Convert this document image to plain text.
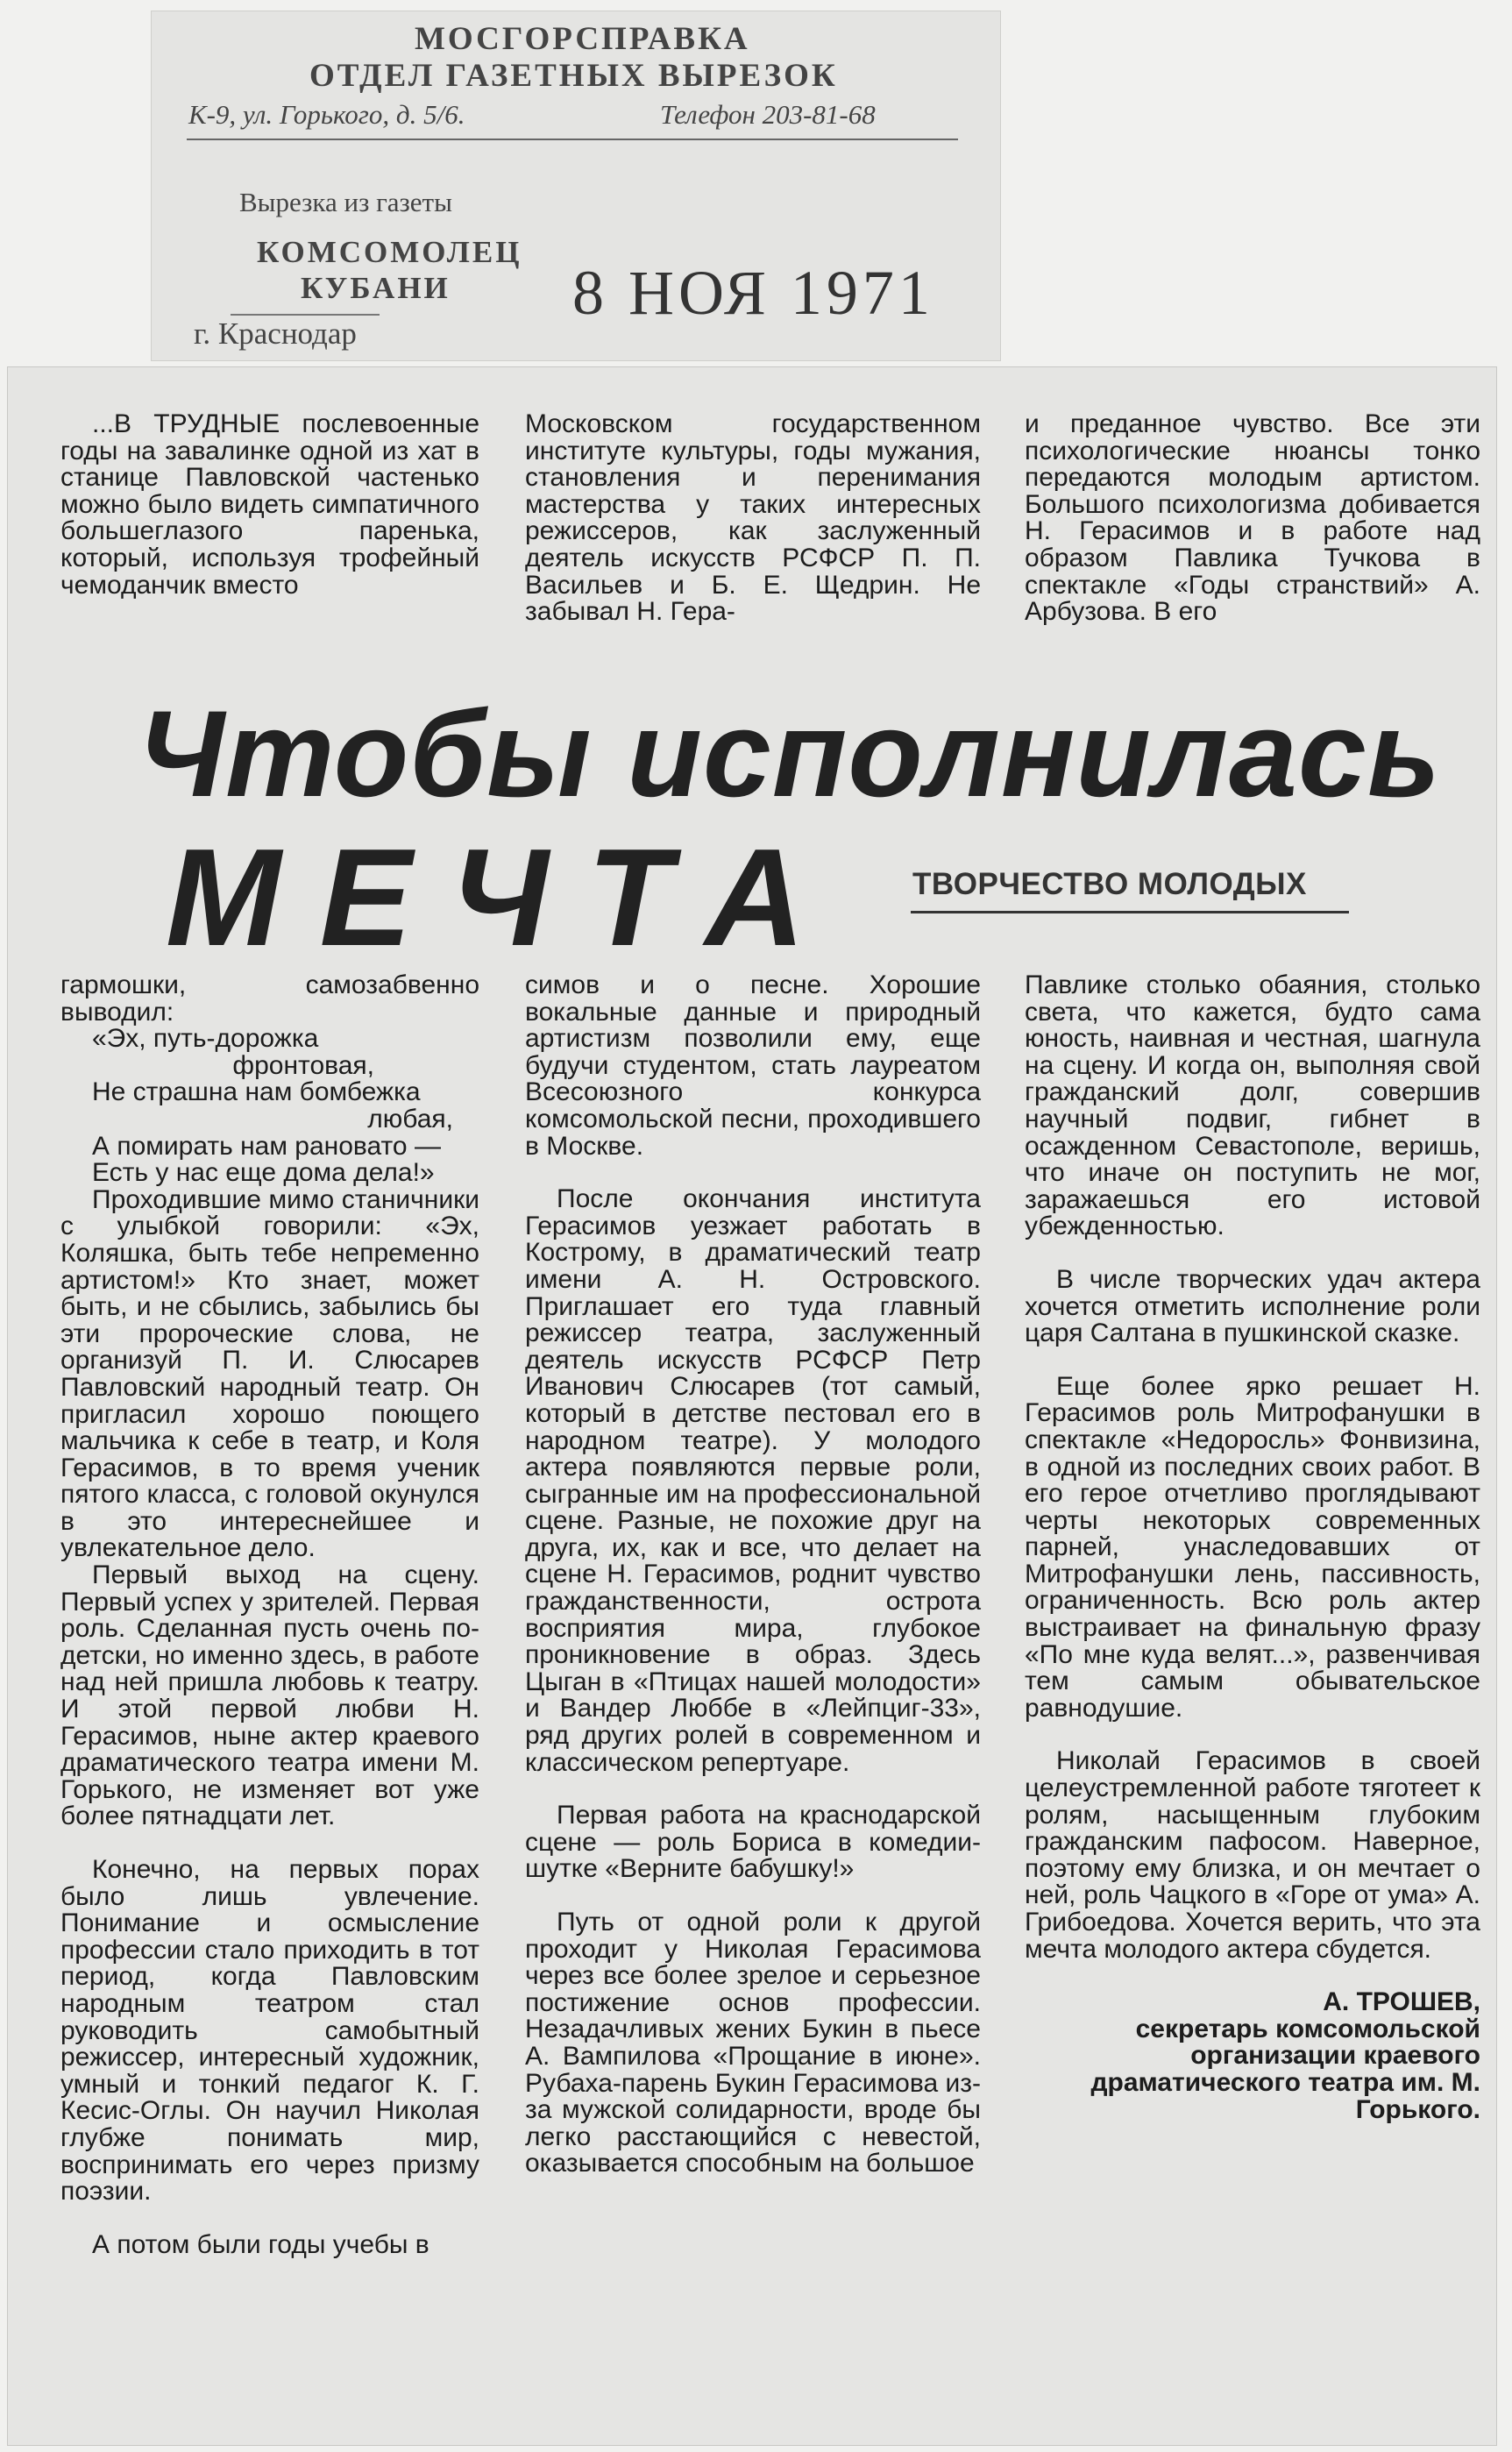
МОСГОРСПРАВКА
ОТДЕЛ ГАЗЕТНЫХ ВЫРЕЗОК
К-9, ул. Горького, д. 5/6.	Телефон 203-81-68
Вырезка из газеты
КОМСОМОЛЕЦ
КУБАНИ
г. Краснодар
8 НОЯ 1971

...В ТРУДНЫЕ послевоенные годы на завалинке одной из хат в станице Павловской частенько можно было видеть симпатичного большеглазого паренька, который, используя трофейный чемоданчик вместо

Московском государственном институте культуры, годы мужания, становления и перенимания мастерства у таких интересных режиссеров, как заслуженный деятель искусств РСФСР П. П. Васильев и Б. Е. Щедрин. Не забывал Н. Гера-

и преданное чувство. Все эти психологические нюансы тонко передаются молодым артистом. Большого психологизма добивается Н. Герасимов и в работе над образом Павлика Тучкова в спектакле «Годы странствий» А. Арбузова. В его

Чтобы исполнилась
МЕЧТА ТВОРЧЕСТВО МОЛОДЫХ

гармошки, самозабвенно выводил:

«Эх, путь-дорожка

фронтовая,

Не страшна нам бомбежка

любая,

А помирать нам рановато —

Есть у нас еще дома дела!»

Проходившие мимо станичники с улыбкой говорили: «Эх, Коляшка, быть тебе непременно артистом!» Кто знает, может быть, и не сбылись, забылись бы эти пророческие слова, не организуй П. И. Слюсарев Павловский народный театр. Он пригласил хорошо поющего мальчика к себе в театр, и Коля Герасимов, в то время ученик пятого класса, с головой окунулся в это интереснейшее и увлекательное дело.

Первый выход на сцену. Первый успех у зрителей. Первая роль. Сделанная пусть очень по-детски, но именно здесь, в работе над ней пришла любовь к театру. И этой первой любви Н. Герасимов, ныне актер краевого драматического театра имени М. Горького, не изменяет вот уже более пятнадцати лет.

Конечно, на первых порах было лишь увлечение. Понимание и осмысление профессии стало приходить в тот период, когда Павловским народным театром стал руководить самобытный режиссер, интересный художник, умный и тонкий педагог К. Г. Кесис-Оглы. Он научил Николая глубже понимать мир, воспринимать его через призму поэзии.

А потом были годы учебы в

симов и о песне. Хорошие вокальные данные и природный артистизм позволили ему, еще будучи студентом, стать лауреатом Всесоюзного конкурса комсомольской песни, проходившего в Москве.

После окончания института Герасимов уезжает работать в Кострому, в драматический театр имени А. Н. Островского. Приглашает его туда главный режиссер театра, заслуженный деятель искусств РСФСР Петр Иванович Слюсарев (тот самый, который в детстве пестовал его в народном театре). У молодого актера появляются первые роли, сыгранные им на профессиональной сцене. Разные, не похожие друг на друга, их, как и все, что делает на сцене Н. Герасимов, роднит чувство гражданственности, острота восприятия мира, глубокое проникновение в образ. Здесь Цыган в «Птицах нашей молодости» и Вандер Люббе в «Лейпциг-33», ряд других ролей в современном и классическом репертуаре.

Первая работа на краснодарской сцене — роль Бориса в комедии-шутке «Верните бабушку!»

Путь от одной роли к другой проходит у Николая Герасимова через все более зрелое и серьезное постижение основ профессии. Незадачливых жених Букин в пьесе А. Вампилова «Прощание в июне». Рубаха-парень Букин Герасимова из-за мужской солидарности, вроде бы легко расстающийся с невестой, оказывается способным на большое

Павлике столько обаяния, столько света, что кажется, будто сама юность, наивная и честная, шагнула на сцену. И когда он, выполняя свой гражданский долг, совершив научный подвиг, гибнет в осажденном Севастополе, веришь, что иначе он поступить не мог, заражаешься его истовой убежденностью.

В числе творческих удач актера хочется отметить исполнение роли царя Салтана в пушкинской сказке.

Еще более ярко решает Н. Герасимов роль Митрофанушки в спектакле «Недоросль» Фонвизина, в одной из последних своих работ. В его герое отчетливо проглядывают черты некоторых современных парней, унаследовавших от Митрофанушки лень, пассивность, ограниченность. Всю роль актер выстраивает на финальную фразу «По мне куда велят...», развенчивая тем самым обывательское равнодушие.

Николай Герасимов в своей целеустремленной работе тяготеет к ролям, насыщенным глубоким гражданским пафосом. Наверное, поэтому ему близка, и он мечтает о ней, роль Чацкого в «Горе от ума» А. Грибоедова. Хочется верить, что эта мечта молодого актера сбудется.

А. ТРОШЕВ,

секретарь комсомольской организации краевого драматического театра им. М. Горького.
